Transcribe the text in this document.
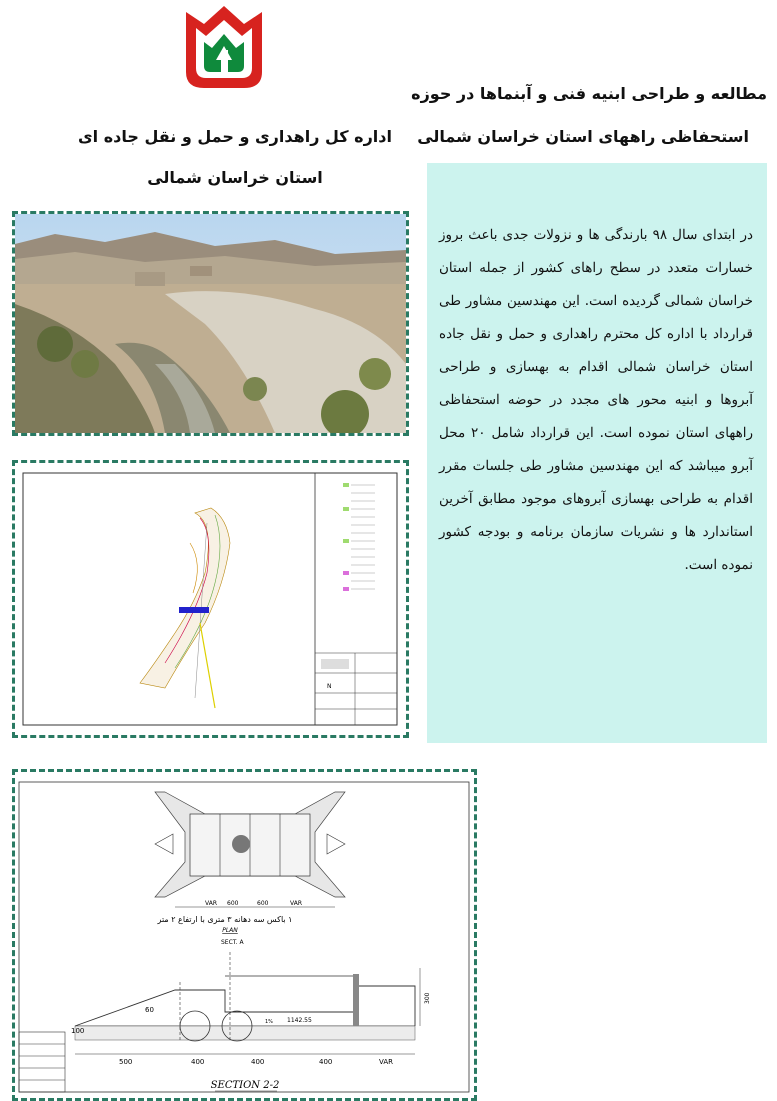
مطالعه و طراحی ابنیه فنی و آبنماها در حوزه
استحفاظی راههای استان خراسان شمالی
اداره کل راهداری و حمل و نقل جاده ای
استان خراسان شمالی
در ابتدای سال ۹۸ بارندگی ها و نزولات جدی باعث بروز خسارات متعدد در سطح راهای کشور از جمله استان خراسان شمالی گردیده است. این مهندسین مشاور طی قرارداد با اداره کل محترم راهداری و حمل و نقل جاده استان خراسان شمالی اقدام به بهسازی و طراحی آبروها و ابنیه محور های مجدد در حوضه استحفاظی راههای استان نموده است. این قرارداد شامل ۲۰ محل آبرو میباشد که این مهندسین مشاور طی جلسات مقرر اقدام به طراحی بهسازی آبروهای موجود مطابق آخرین استاندارد ها و نشریات سازمان برنامه و بودجه کشور نموده است.
N
VAR 600	600	VAR
۱ باکس سه دهانه ۳ متری با ارتفاع ۲ متر
PLAN
SECT. A
300
1142.55
1%
60
100
500	400	400	400	VAR
SECTION 2-2
